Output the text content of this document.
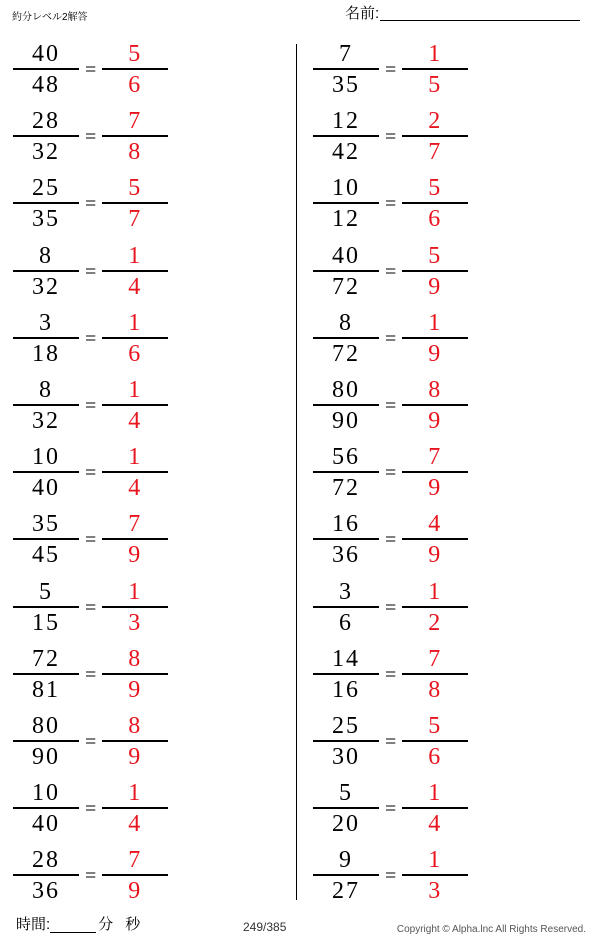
約分レベル2解答	名前:
$\frac{40}{48} = \frac{5}{6}$
$\frac{28}{32} = \frac{7}{8}$
$\frac{25}{35} = \frac{5}{7}$
$\frac{8}{32} = \frac{1}{4}$
$\frac{3}{18} = \frac{1}{6}$
$\frac{8}{32} = \frac{1}{4}$
$\frac{10}{40} = \frac{1}{4}$
$\frac{35}{45} = \frac{7}{9}$
$\frac{5}{15} = \frac{1}{3}$
$\frac{72}{81} = \frac{8}{9}$
$\frac{80}{90} = \frac{8}{9}$
$\frac{10}{40} = \frac{1}{4}$
$\frac{28}{36} = \frac{7}{9}$
$\frac{7}{35} = \frac{1}{5}$
$\frac{12}{42} = \frac{2}{7}$
$\frac{10}{12} = \frac{5}{6}$
$\frac{40}{72} = \frac{5}{9}$
$\frac{8}{72} = \frac{1}{9}$
$\frac{80}{90} = \frac{8}{9}$
$\frac{56}{72} = \frac{7}{9}$
$\frac{16}{36} = \frac{4}{9}$
$\frac{3}{6} = \frac{1}{2}$
$\frac{14}{16} = \frac{7}{8}$
$\frac{25}{30} = \frac{5}{6}$
$\frac{5}{20} = \frac{1}{4}$
$\frac{9}{27} = \frac{1}{3}$
時間:	分 秒	249/385	Copyright © Alpha.lnc All Rights Reserved.
